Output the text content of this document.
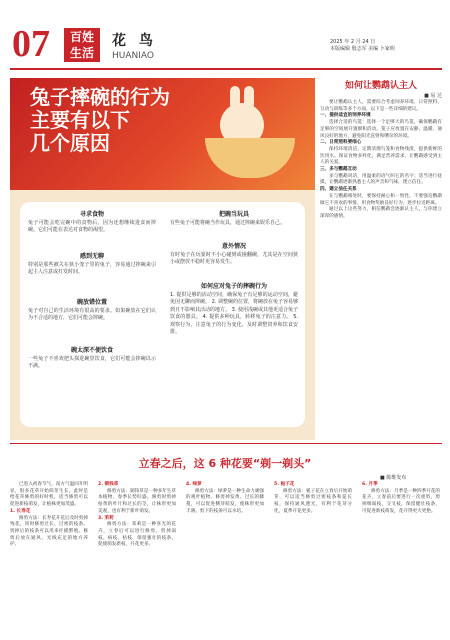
07	百姓
生活
花 鸟
HUANIAO
2025 年 2 月 24 日
本版编辑 殷志军 美编 卜家明
兔子摔碗的行为
主要有以下
几个原因
寻求食物
兔子可能会吃完碗中的食物后，因为还想继续进食而摔碗。它们可能在表达对食物的渴望。
感到无聊
特别是那些被关在狭小笼子里的兔子，容易通过摔碗来引起主人注意或打发时间。
碗放错位置
兔子对自己的生活环境有很高的要求。如果碗放在它们认为不合适的地方，它们可能会摔碗。
碗太深不便饮食
一些兔子不喜欢把头探进碗里饮食，它们可能会摔碗以示不满。
把碗当玩具
有些兔子可能将碗当作玩具，通过摔碗来娱乐自己。
意外情况
有时兔子在玩耍时不小心碰到或撞翻碗，尤其是在空间狭小或摆放不稳时更容易发生。
如何应对兔子的摔碗行为
1. 提供足够的活动空间，确保兔子有足够的运动空间，避免因无聊而摔碗。 2. 调整碗的位置，将碗放在兔子容易够到且不影响其活动的地方。 3. 使用浅碗或其他更适合兔子饮食的器具。 4. 提供多种玩具，转移兔子的注意力。 5. 观察行为，注意兔子的行为变化，及时调整饲养和饮食安排。
如何让鹦鹉认主人
■ 易 达
要让鹦鹉认主人，需要综合考虑饲养环境、日常照料、互动与训练等多个方面，以下是一些详细的建议。
一、提供适宜的饲养环境
选择合适的鸟笼：选择一个足够大的鸟笼，确保鹦鹉有足够的空间展开翅膀和活动。笼子应放置在安静、温暖、通风良好的地方，避免阳光直射和嘈杂的环境。
二、日常照料要细心
保持环境清洁，定期清理鸟笼和食物残渣，提供新鲜的饮用水。保证食物多样化，满足营养需求，让鹦鹉感受到主人的关爱。
三、多与鹦鹉互动
多与鹦鹉说话，用温柔的语气叫它的名字；适当进行抚摸，让鹦鹉逐渐熟悉主人的声音和气味，建立信任。
四、建立信任关系
在与鹦鹉相处时，要保持耐心和一致性。不要强迫鹦鹉做它不喜欢的事情，用食物奖励良好行为，逐步拉近距离。
通过以上这些努力，相信鹦鹉会逐渐认主人，与你建立深厚的感情。
立春之后，这 6 种花要“剃一剃头”
■ 陈维发布
已进入初春节气，南方气温回升明显，很多花草开始萌芽生长。此时是给花草修剪的好时机，适当修剪可以促进新枝萌发，让植株更加茂盛。
1. 长寿花
修剪方法：长寿花开花后及时剪掉残花，同时修剪过长、过密的枝条。剪掉后的枝条可以用来扦插繁殖。修剪后放在通风、光线充足的地方养护。
2. 铜钱草
修剪方法：铜钱草是一种多年生草本植物，春季长势旺盛。修剪时剪掉枯黄的叶片和过长的茎，让株形更加美观，也有利于新叶萌发。
3. 茉莉
修剪方法：茉莉是一种喜光的花卉，立春后可以进行修剪。剪掉弱枝、病枝、枯枝，保留强壮的枝条，促使萌发新枝，开花更多。
4. 绿萝
修剪方法：绿萝是一种生命力顽强的观叶植物。修剪掉发黄、过长的藤蔓，可以促进侧芽萌发，使株形更加丰满。剪下的枝条可以水培。
5. 栀子花
修剪方法：栀子花在立春后开始萌芽，可以适当修剪过密枝条和徒长枝，保持通风透光，有利于花芽分化，夏季开花更多。
6. 月季
修剪方法：月季是一种四季开花的花卉，立春前后要进行一次重剪，剪掉细弱枝、交叉枝，保留健壮枝条，可促进新枝萌发，花开得更大更艳。
